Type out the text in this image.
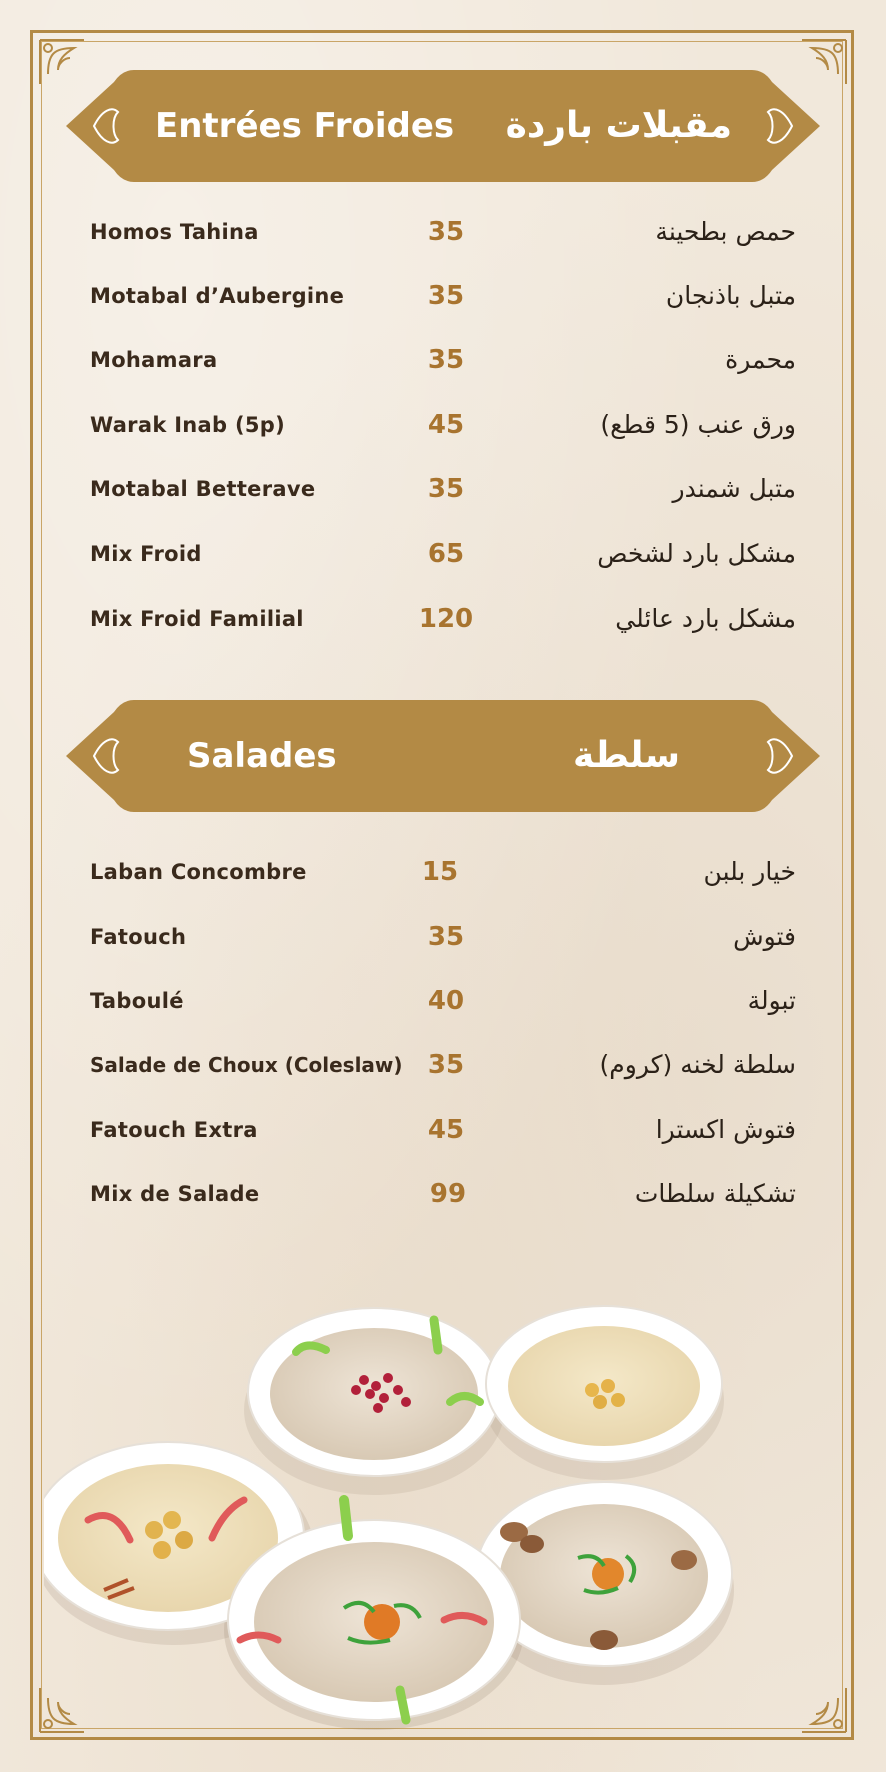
Entrées Froides مقبلات باردة
Homos Tahina	35	حمص بطحينة
Motabal d’Aubergine	35	متبل باذنجان
Mohamara	35	محمرة
Warak Inab (5p)	45	ورق عنب (5 قطع)
Motabal Betterave	35	متبل شمندر
Mix Froid	65	مشكل بارد لشخص
Mix Froid Familial	120	مشكل بارد عائلي
Salades	سلطة
Laban Concombre	15	خيار بلبن
Fatouch	35	فتوش
Taboulé	40	تبولة
Salade de Choux (Coleslaw) 35	سلطة لخنه (كروم)
Fatouch Extra	45	فتوش اكسترا
Mix de Salade	99	تشكيلة سلطات
